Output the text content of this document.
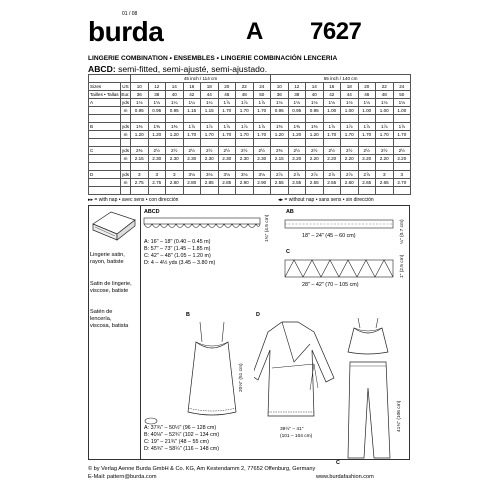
burda
01 / 08
A 7627
LINGERIE COMBINATION • ENSEMBLES • LINGERIE COMBINACIÓN LENCERIA
ABCD: semi-fitted, semi-ajusté, semi-ajustado.
		45 inch / 114 cm								55 inch / 140 cm							
Sizes	US	10	12	14	16	18	20	22	24	10	12	14	16	18	20	22	24
Tailles • Tallas	Eur.	36	38	40	42	44	46	48	50	36	38	40	42	44	46	48	50
A	yds	1⅛	1⅛	1¼	1¼	1¼	1⅞	1⅞	1⅞	1⅛	1⅛	1⅛	1⅛	1⅛	1⅛	1⅛	1⅛
	m	0.95	0.95	0.95	1.15	1.15	1.70	1.70	1.70	0.95	0.95	0.95	1.00	1.00	1.00	1.00	1.00

B	yds	1⅜	1⅜	1⅜	1⅞	1⅞	1⅞	1⅞	1⅞	1⅜	1⅜	1⅜	1⅞	1⅞	1⅞	1⅞	1⅞
	m	1.20	1.20	1.20	1.70	1.70	1.70	1.70	1.70	1.20	1.20	1.20	1.70	1.70	1.70	1.70	1.70

C	yds	2⅜	2½	2½	2½	2½	2½	2½	2½	2⅜	2½	2½	2½	2½	2½	2½	2½
	m	2.15	2.30	2.30	2.30	2.30	2.30	2.30	2.30	2.15	2.20	2.20	2.20	2.20	2.20	2.20	2.20

D	yds	3	3	3	3⅛	3⅛	3⅛	3⅛	3⅛	2⅞	2⅞	2⅞	2⅞	2⅞	2⅞	3	3
	m	2.75	2.75	2.80	2.80	2.85	2.85	2.90	2.90	2.55	2.55	2.55	2.55	2.60	2.65	2.65	2.70

▸▸ = with nap • avec sens • con dirección	◂▸ = without nap • sans sens • sin dirección
Lingerie satin,
rayon, batiste
Satin de lingerie,
viscose, batiste
Satén de
lencería,
viscosa, batista
ABCD
1¾" (4.5 cm)
A: 16" – 18" (0.40 – 0.45 m)
B: 57" – 73" (1.45 – 1.85 m)
C: 42" – 48" (1.05 – 1.20 m)
D: 4 – 4½ yds (3.45 – 3.80 m)
AB
18" – 24" (45 – 60 cm)	¼" (0.7 cm)
C
28" – 42" (70 – 105 cm)
1" (2.5 cm)
B
20⅛" (51 cm)
D
39½" – 41"
(101 – 104 cm)
C
41¾" (106 cm)
A: 37¾" – 50½" (96 – 128 cm)
B: 40⅛" – 52¾" (102 – 134 cm)
C: 19" – 21¾" (48 – 55 cm)
D: 45¾" – 58¼" (116 – 148 cm)
© by Verlag Aenne Burda GmbH & Co. KG, Am Kestendamm 2, 77652 Offenburg, Germany
E-Mail: pattern@burda.com	www.burdafashion.com
